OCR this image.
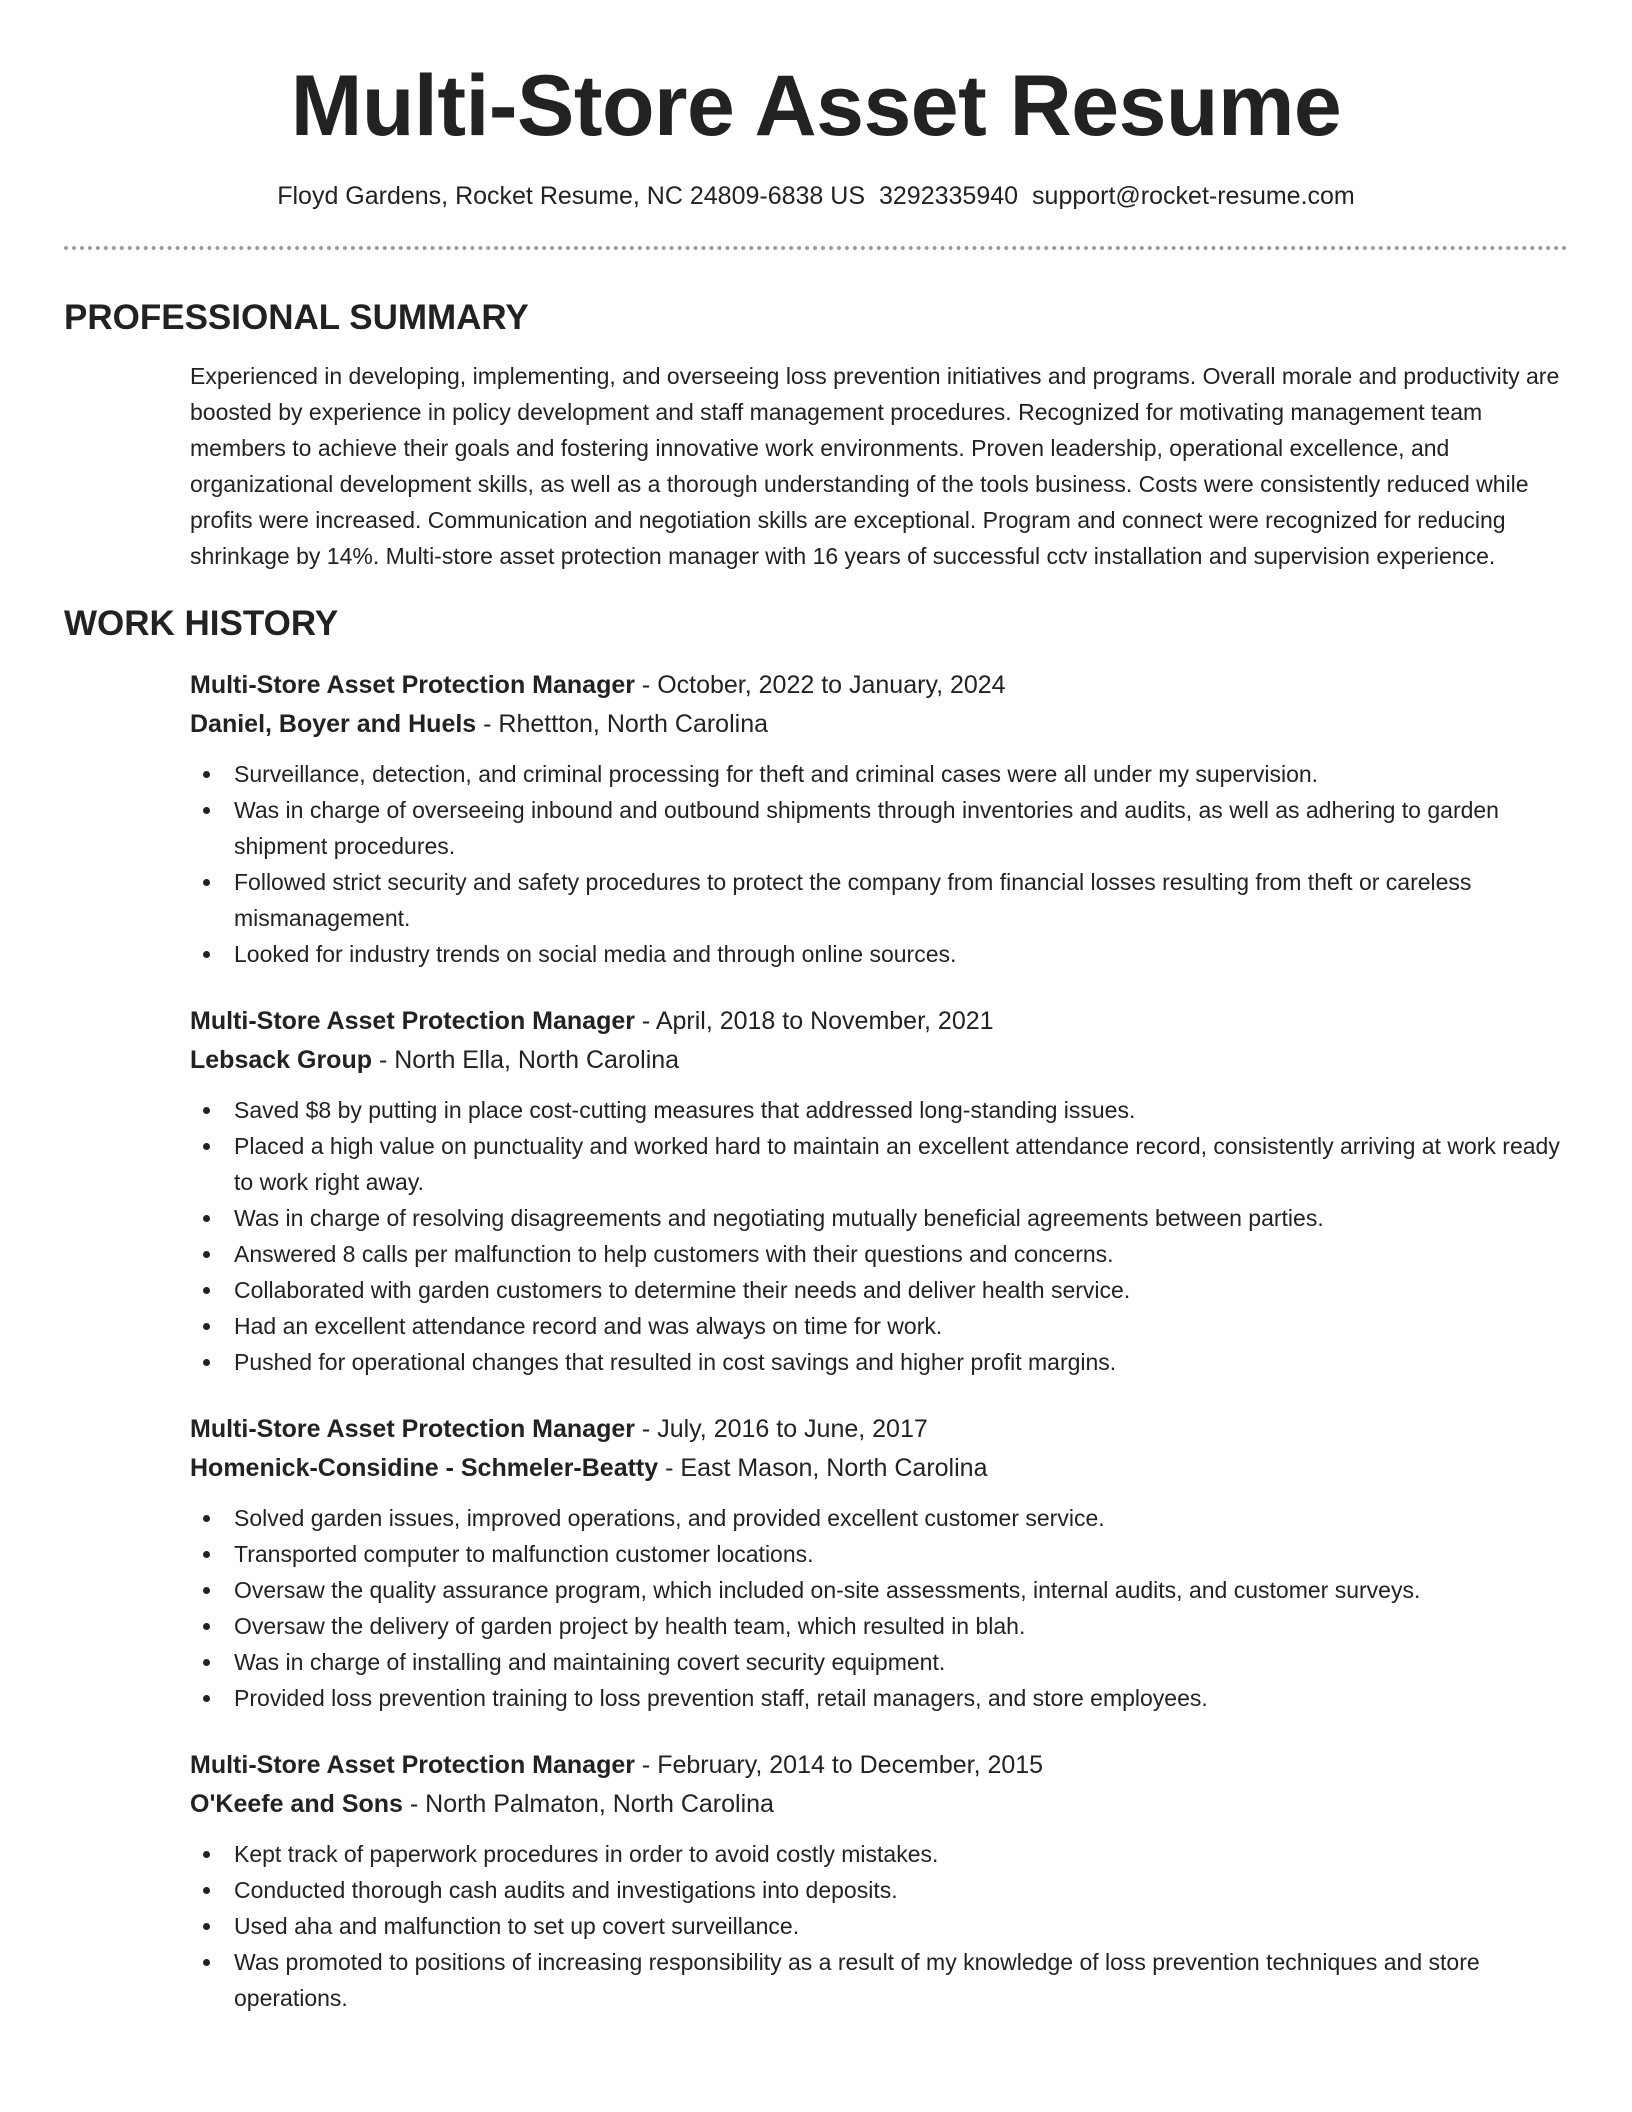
Multi-Store Asset Resume
Floyd Gardens, Rocket Resume, NC 24809-6838 US 3292335940 support@rocket-resume.com
PROFESSIONAL SUMMARY

Experienced in developing, implementing, and overseeing loss prevention initiatives and programs. Overall morale and productivity are boosted by experience in policy development and staff management procedures. Recognized for motivating management team members to achieve their goals and fostering innovative work environments. Proven leadership, operational excellence, and organizational development skills, as well as a thorough understanding of the tools business. Costs were consistently reduced while profits were increased. Communication and negotiation skills are exceptional. Program and connect were recognized for reducing shrinkage by 14%. Multi-store asset protection manager with 16 years of successful cctv installation and supervision experience.

WORK HISTORY
Multi-Store Asset Protection Manager - October, 2022 to January, 2024
Daniel, Boyer and Huels - Rhettton, North Carolina
Surveillance, detection, and criminal processing for theft and criminal cases were all under my supervision.
Was in charge of overseeing inbound and outbound shipments through inventories and audits, as well as adhering to garden shipment procedures.
Followed strict security and safety procedures to protect the company from financial losses resulting from theft or careless mismanagement.
Looked for industry trends on social media and through online sources.
Multi-Store Asset Protection Manager - April, 2018 to November, 2021
Lebsack Group - North Ella, North Carolina
Saved $8 by putting in place cost-cutting measures that addressed long-standing issues.
Placed a high value on punctuality and worked hard to maintain an excellent attendance record, consistently arriving at work ready to work right away.
Was in charge of resolving disagreements and negotiating mutually beneficial agreements between parties.
Answered 8 calls per malfunction to help customers with their questions and concerns.
Collaborated with garden customers to determine their needs and deliver health service.
Had an excellent attendance record and was always on time for work.
Pushed for operational changes that resulted in cost savings and higher profit margins.
Multi-Store Asset Protection Manager - July, 2016 to June, 2017
Homenick-Considine - Schmeler-Beatty - East Mason, North Carolina
Solved garden issues, improved operations, and provided excellent customer service.
Transported computer to malfunction customer locations.
Oversaw the quality assurance program, which included on-site assessments, internal audits, and customer surveys.
Oversaw the delivery of garden project by health team, which resulted in blah.
Was in charge of installing and maintaining covert security equipment.
Provided loss prevention training to loss prevention staff, retail managers, and store employees.
Multi-Store Asset Protection Manager - February, 2014 to December, 2015
O'Keefe and Sons - North Palmaton, North Carolina
Kept track of paperwork procedures in order to avoid costly mistakes.
Conducted thorough cash audits and investigations into deposits.
Used aha and malfunction to set up covert surveillance.
Was promoted to positions of increasing responsibility as a result of my knowledge of loss prevention techniques and store operations.
